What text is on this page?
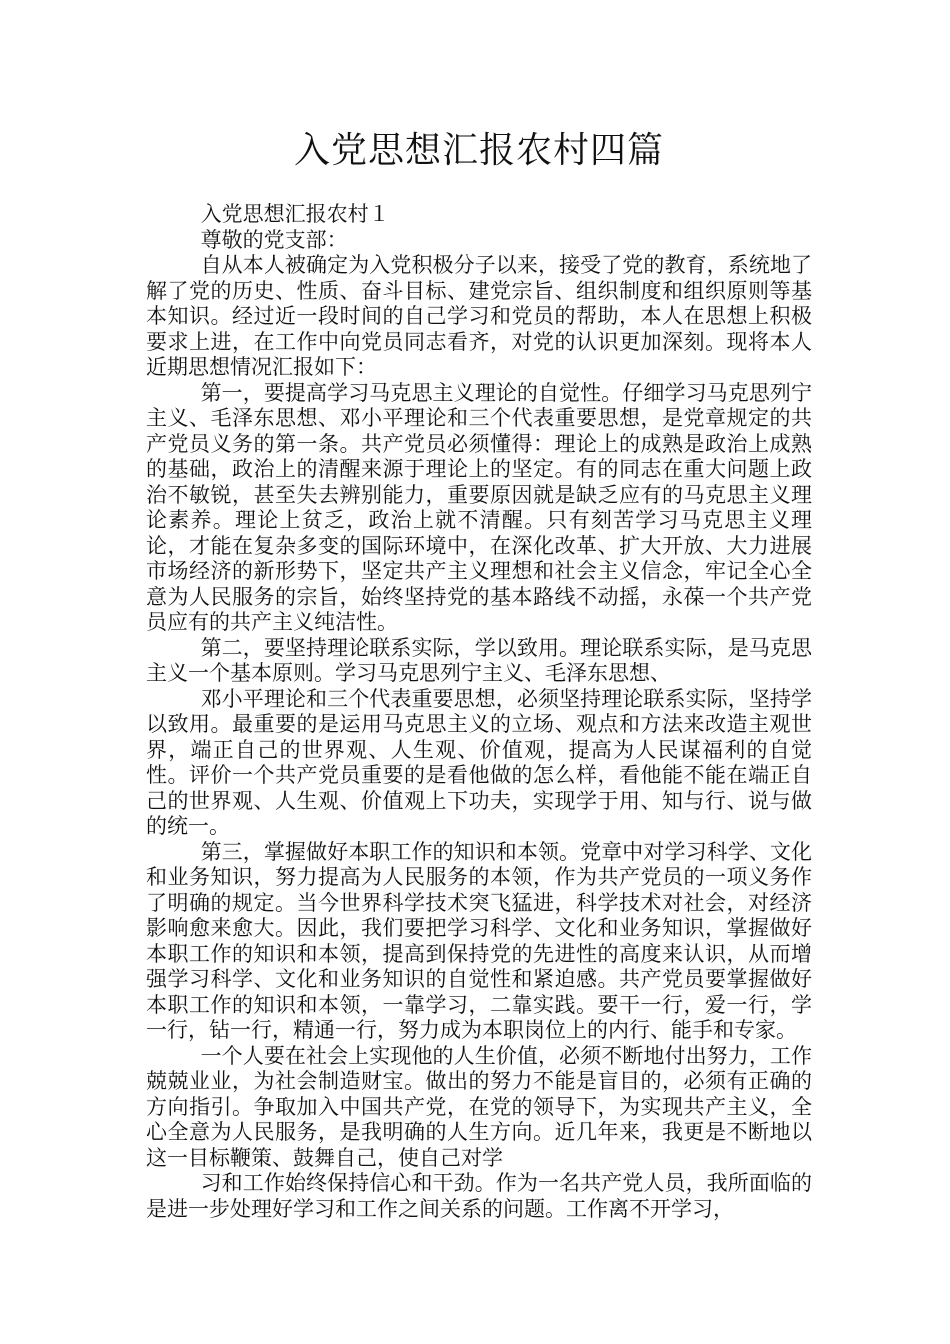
入党思想汇报农村四篇

入党思想汇报农村１

尊敬的党支部：

自从本人被确定为入党积极分子以来，接受了党的教育，系统地了解了党的历史、性质、奋斗目标、建党宗旨、组织制度和组织原则等基本知识。经过近一段时间的自己学习和党员的帮助，本人在思想上积极要求上进，在工作中向党员同志看齐，对党的认识更加深刻。现将本人近期思想情况汇报如下：

第一，要提高学习马克思主义理论的自觉性。仔细学习马克思列宁主义、毛泽东思想、邓小平理论和三个代表重要思想，是党章规定的共产党员义务的第一条。共产党员必须懂得：理论上的成熟是政治上成熟的基础，政治上的清醒来源于理论上的坚定。有的同志在重大问题上政治不敏锐，甚至失去辨别能力，重要原因就是缺乏应有的马克思主义理论素养。理论上贫乏，政治上就不清醒。只有刻苦学习马克思主义理论，才能在复杂多变的国际环境中，在深化改革、扩大开放、大力进展市场经济的新形势下，坚定共产主义理想和社会主义信念，牢记全心全意为人民服务的宗旨，始终坚持党的基本路线不动摇，永葆一个共产党员应有的共产主义纯洁性。

第二，要坚持理论联系实际，学以致用。理论联系实际，是马克思主义一个基本原则。学习马克思列宁主义、毛泽东思想、

邓小平理论和三个代表重要思想，必须坚持理论联系实际，坚持学以致用。最重要的是运用马克思主义的立场、观点和方法来改造主观世界，端正自己的世界观、人生观、价值观，提高为人民谋福利的自觉性。评价一个共产党员重要的是看他做的怎么样，看他能不能在端正自己的世界观、人生观、价值观上下功夫，实现学于用、知与行、说与做的统一。

第三，掌握做好本职工作的知识和本领。党章中对学习科学、文化和业务知识，努力提高为人民服务的本领，作为共产党员的一项义务作了明确的规定。当今世界科学技术突飞猛进，科学技术对社会，对经济影响愈来愈大。因此，我们要把学习科学、文化和业务知识，掌握做好本职工作的知识和本领，提高到保持党的先进性的高度来认识，从而增强学习科学、文化和业务知识的自觉性和紧迫感。共产党员要掌握做好本职工作的知识和本领，一靠学习，二靠实践。要干一行，爱一行，学一行，钻一行，精通一行，努力成为本职岗位上的内行、能手和专家。

一个人要在社会上实现他的人生价值，必须不断地付出努力，工作兢兢业业，为社会制造财宝。做出的努力不能是盲目的，必须有正确的方向指引。争取加入中国共产党，在党的领导下，为实现共产主义，全心全意为人民服务，是我明确的人生方向。近几年来，我更是不断地以这一目标鞭策、鼓舞自己，使自己对学

习和工作始终保持信心和干劲。作为一名共产党人员，我所面临的是进一步处理好学习和工作之间关系的问题。工作离不开学习，
